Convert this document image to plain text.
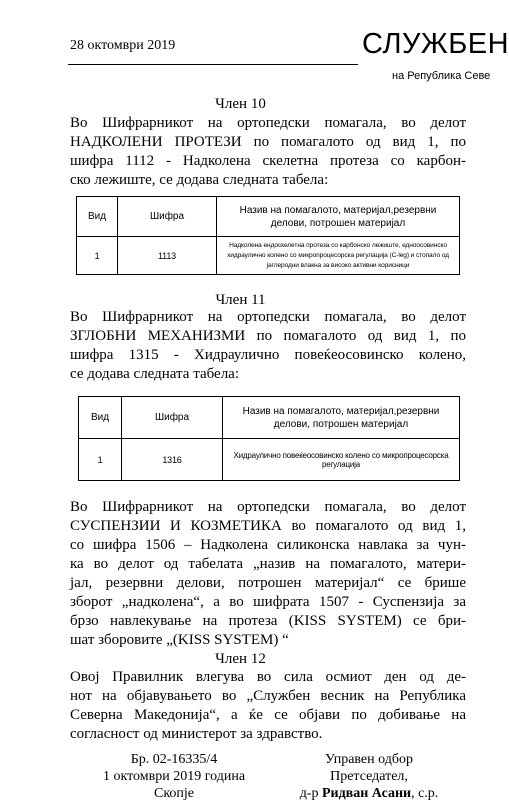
28 октомври 2019	СЛУЖБЕН
на Република Севе
Член 10
Во Шифрарникот на ортопедски помагала, во делот
НАДКОЛЕНИ ПРОТЕЗИ по помагалото од вид 1, по
шифра 1112 - Надколена скелетна протеза со карбон-
ско лежиште, се додава следната табела:
Вид	Шифра	Назив на помагалото, материјал,резервни делови, потрошен материјал
1	1113	Надколена ендоскелетна протеза со карбонско лежиште, едноосовинско
хидраулично колено со микропроцесорска регулација (C-leg) и стопало од
јаглеродни влакна за високо активни корисници
Член 11
Во Шифрарникот на ортопедски помагала, во делот
ЗГЛОБНИ МЕХАНИЗМИ по помагалото од вид 1, по
шифра 1315 - Хидраулично повеќеосовинско колено,
се додава следната табела:
Вид	Шифра	Назив на помагалото, материјал,резервни делови, потрошен материјал
1	1316	Хидраулично повеќеосовинско колено со микропроцесорска регулација
Во Шифрарникот на ортопедски помагала, во делот
СУСПЕНЗИИ И КОЗМЕТИКА во помагалото од вид 1,
со шифра 1506 – Надколена силиконска навлака за чун-
ка во делот од табелата „назив на помагалото, матери-
јал, резервни делови, потрошен материјал“ се брише
зборот „надколена“, а во шифрата 1507 - Суспензија за
брзо навлекување на протеза (KISS SYSTEM) се бри-
шат зборовите „(KISS SYSTEM) “
Член 12
Овој Правилник влегува во сила осмиот ден од де-
нот на објавувањето во „Службен весник на Република
Северна Македонија“, а ќе се објави по добивање на
согласност од министерот за здравство.
Бр. 02-16335/4
1 октомври 2019 година
Скопје
Управен одбор
Претседател,
д-р Ридван Асани, с.р.
